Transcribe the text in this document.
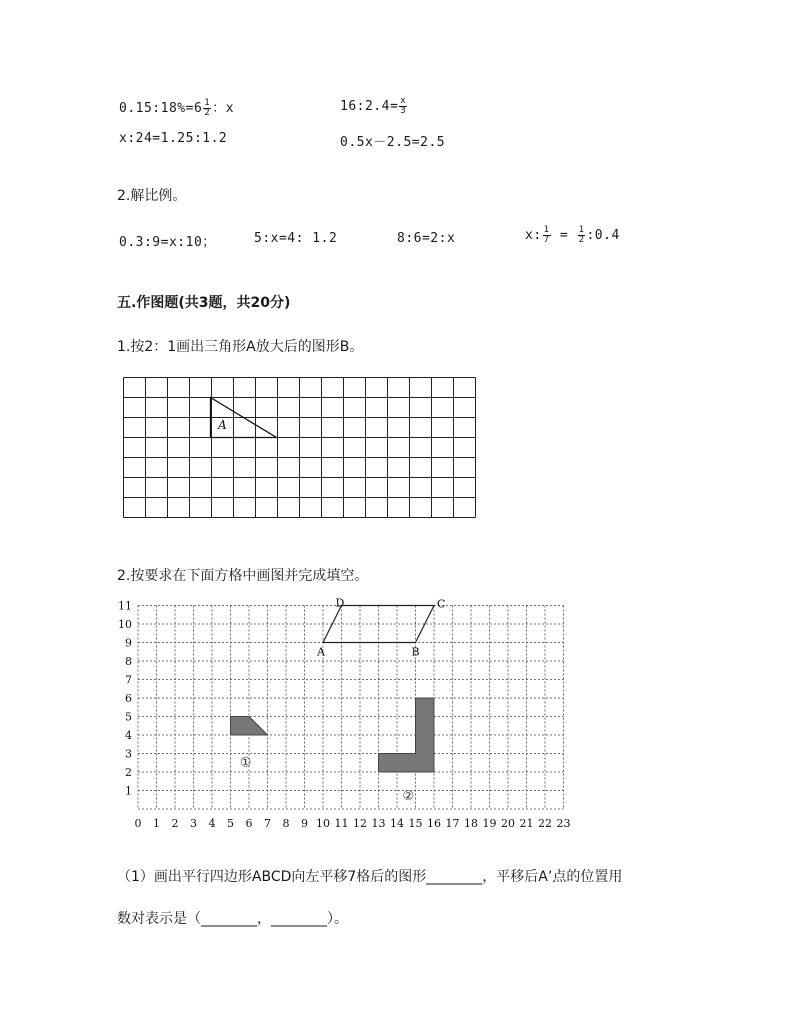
0.15:18%=6 $\frac{1}{2}$ ：x	16:2.4= $\frac{x}{3}$
x:24=1.25:1.2	0.5x－2.5=2.5
2.解比例。
0.3:9=x:10；	5:x=4: 1.2	8:6=2:x	x: $\frac{1}{7} = \frac{1}{2}$ :0.4
五.作图题(共3题，共20分)
1.按2：1画出三角形A放大后的图形B。
A
2.按要求在下面方格中画图并完成填空。
11
10
9
8
7
6
5
4
3
2
1
0 1 2 3 4 5 6 7 8 9 10 11 12 13 14 15 16 17 18 19 20 21 22 23
A	B
C
D
①
②
（1）画出平行四边形ABCD向左平移7格后的图形________，平移后A’点的位置用
数对表示是（________，________）。
